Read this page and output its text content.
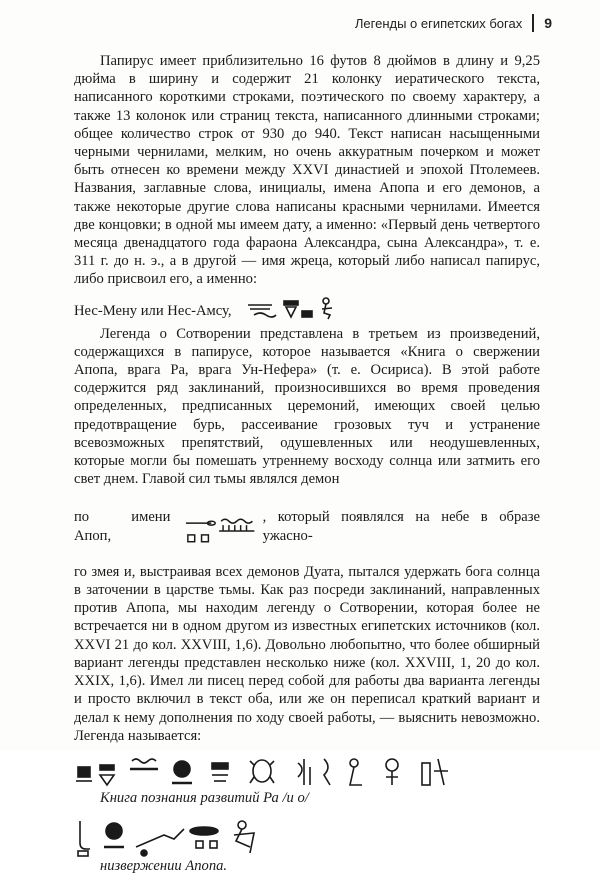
Легенды о египетских богах 9

Папирус имеет приблизительно 16 футов 8 дюймов в длину и 9,25 дюйма в ширину и содержит 21 колонку иератического текста, написанного короткими строками, поэтического по своему характеру, а также 13 колонок или страниц текста, написанного длинными строками; общее количество строк от 930 до 940. Текст написан насыщенными черными чернилами, мелким, но очень аккуратным почерком и может быть отнесен ко времени между XXVI династией и эпохой Птолемеев. Названия, заглавные слова, инициалы, имена Апопа и его демонов, а также некоторые другие слова написаны красными чернилами. Имеется две концовки; в одной мы имеем дату, а именно: «Первый день четвертого месяца двенадцатого года фараона Александра, сына Александра», т. е. 311 г. до н. э., а в другой — имя жреца, который либо написал папирус, либо присвоил его, а именно:

Нес-Мену или Нес-Амсу,

Легенда о Сотворении представлена в третьем из произведений, содержащихся в папирусе, которое называется «Книга о свержении Апопа, врага Ра, врага Ун-Нефера» (т. е. Осириса). В этой работе содержится ряд заклинаний, произносившихся во время проведения определенных, предписанных церемоний, имеющих своей целью предотвращение бурь, рассеивание грозовых туч и устранение всевозможных препятствий, одушевленных или неодушевленных, которые могли бы помешать утреннему восходу солнца или затмить его свет днем. Главой сил тьмы являлся демон

по имени Апоп,
, который появлялся на небе в образе ужасно-

го змея и, выстраивая всех демонов Дуата, пытался удержать бога солнца в заточении в царстве тьмы. Как раз посреди заклинаний, направленных против Апопа, мы находим легенду о Сотворении, которая более не встречается ни в одном другом из известных египетских источников (кол. XXVI 21 до кол. XXVIII, 1,6). Довольно любопытно, что более обширный вариант легенды представлен несколько ниже (кол. XXVIII, 1, 20 до кол. XXIX, 1,6). Имел ли писец перед собой для работы два варианта легенды и просто включил в текст оба, или же он переписал краткий вариант и делал к нему дополнения по ходу своей работы, — выяснить невозможно. Легенда называется:

Книга познания развитий Ра /и о/

низвержении Апопа.
